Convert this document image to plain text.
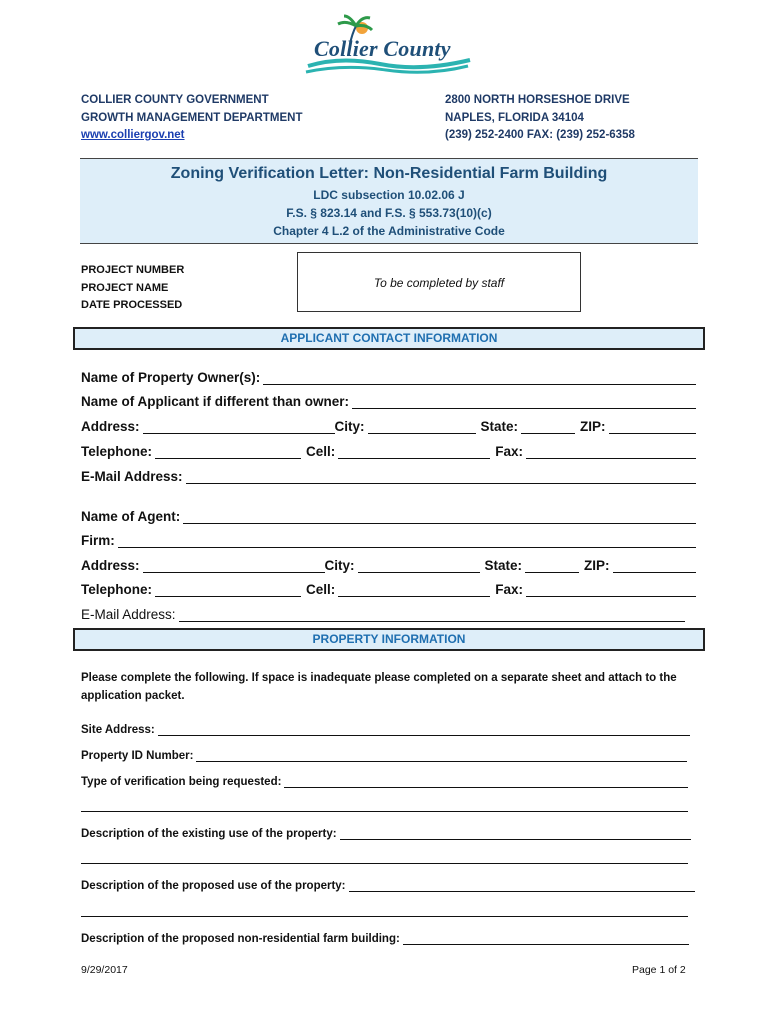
Collier County
COLLIER COUNTY GOVERNMENT
GROWTH MANAGEMENT DEPARTMENT
www.colliergov.net
2800 NORTH HORSESHOE DRIVE
NAPLES, FLORIDA 34104
(239) 252-2400 FAX: (239) 252-6358
Zoning Verification Letter: Non-Residential Farm Building
LDC subsection 10.02.06 J
F.S. § 823.14 and F.S. § 553.73(10)(c)
Chapter 4 L.2 of the Administrative Code
PROJECT NUMBER
PROJECT NAME
DATE PROCESSED
To be completed by staff
APPLICANT CONTACT INFORMATION
Name of Property Owner(s):
Name of Applicant if different than owner:
Address:	City:	State:	ZIP:
Telephone:	Cell:	Fax:
E-Mail Address:
Name of Agent:
Firm:
Address:	City:	State:	ZIP:
Telephone:	Cell:	Fax:
E-Mail Address:
PROPERTY INFORMATION
Please complete the following. If space is inadequate please completed on a separate sheet and attach to the application packet.
Site Address:
Property ID Number:
Type of verification being requested:
Description of the existing use of the property:
Description of the proposed use of the property:
Description of the proposed non-residential farm building:
9/29/2017	Page 1 of 2
